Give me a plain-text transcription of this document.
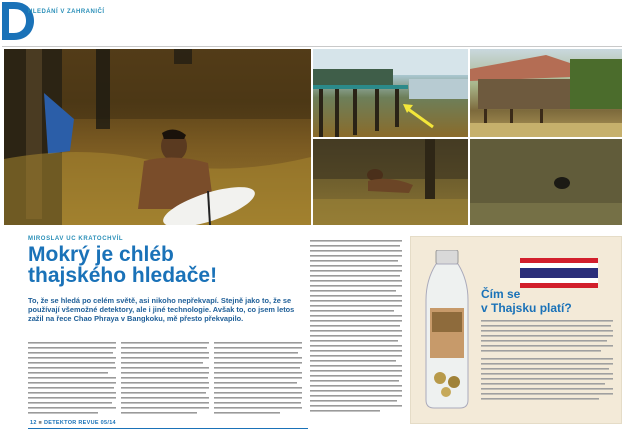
HLEDÁNÍ V ZAHRANIČÍ
MIROSLAV UC KRATOCHVÍL
Mokrý je chléb
thajského hledače!
To, že se hledá po celém světě, asi nikoho nepřekvapí. Stejně jako to, že se používají všemožné detektory, ale i jiné technologie. Avšak to, co jsem letos zažil na řece Chao Phraya v Bangkoku, mě přesto překvapilo.
Čím se
v Thajsku platí?
12 ■ DETEKTOR REVUE 05/14
